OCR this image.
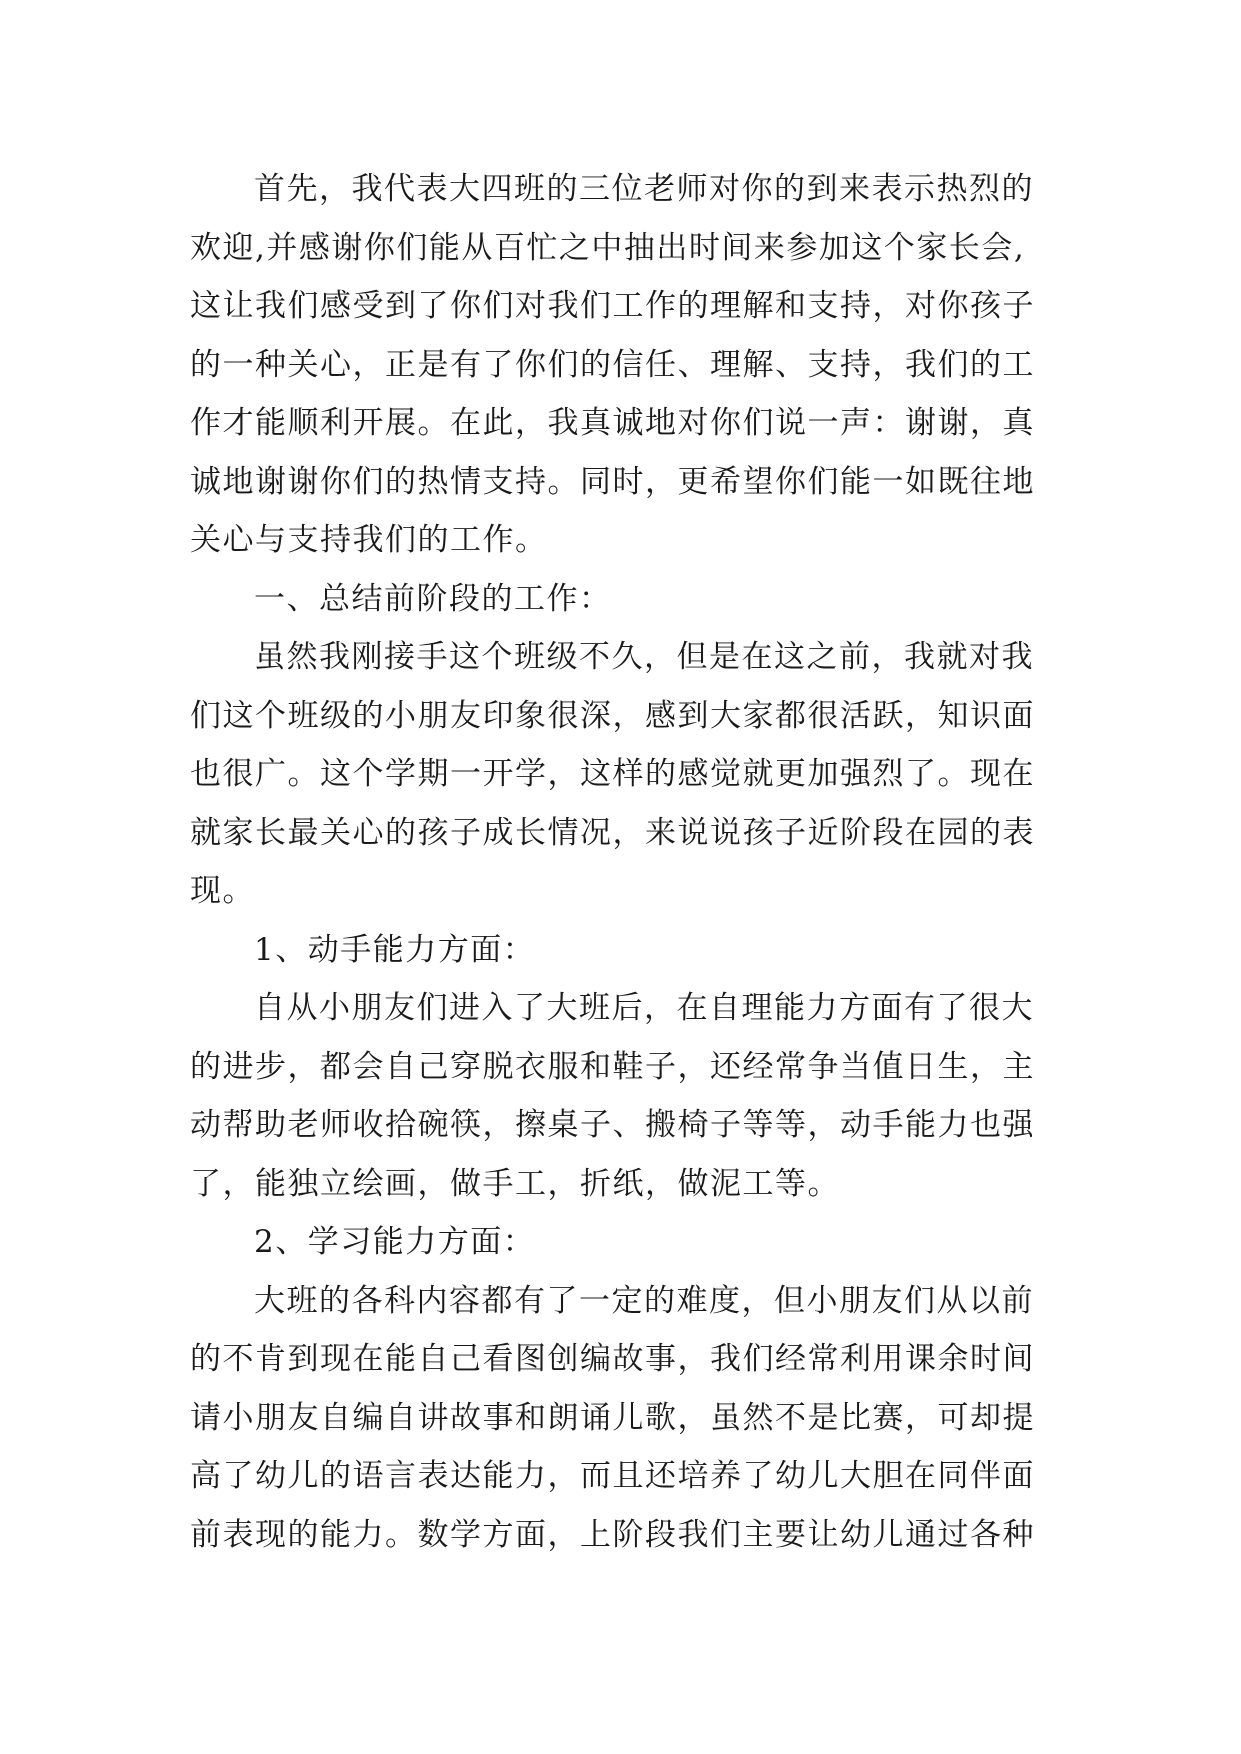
首先，我代表大四班的三位老师对你的到来表示热烈的
欢迎,并感谢你们能从百忙之中抽出时间来参加这个家长会,
这让我们感受到了你们对我们工作的理解和支持，对你孩子
的一种关心，正是有了你们的信任、理解、支持，我们的工
作才能顺利开展。在此，我真诚地对你们说一声：谢谢，真
诚地谢谢你们的热情支持。同时，更希望你们能一如既往地
关心与支持我们的工作。
一、总结前阶段的工作：
虽然我刚接手这个班级不久，但是在这之前，我就对我
们这个班级的小朋友印象很深，感到大家都很活跃，知识面
也很广。这个学期一开学，这样的感觉就更加强烈了。现在
就家长最关心的孩子成长情况，来说说孩子近阶段在园的表
现。
1、动手能力方面：
自从小朋友们进入了大班后，在自理能力方面有了很大
的进步，都会自己穿脱衣服和鞋子，还经常争当值日生，主
动帮助老师收拾碗筷，擦桌子、搬椅子等等，动手能力也强
了，能独立绘画，做手工，折纸，做泥工等。
2、学习能力方面：
大班的各科内容都有了一定的难度，但小朋友们从以前
的不肯到现在能自己看图创编故事，我们经常利用课余时间
请小朋友自编自讲故事和朗诵儿歌，虽然不是比赛，可却提
高了幼儿的语言表达能力，而且还培养了幼儿大胆在同伴面
前表现的能力。数学方面，上阶段我们主要让幼儿通过各种
